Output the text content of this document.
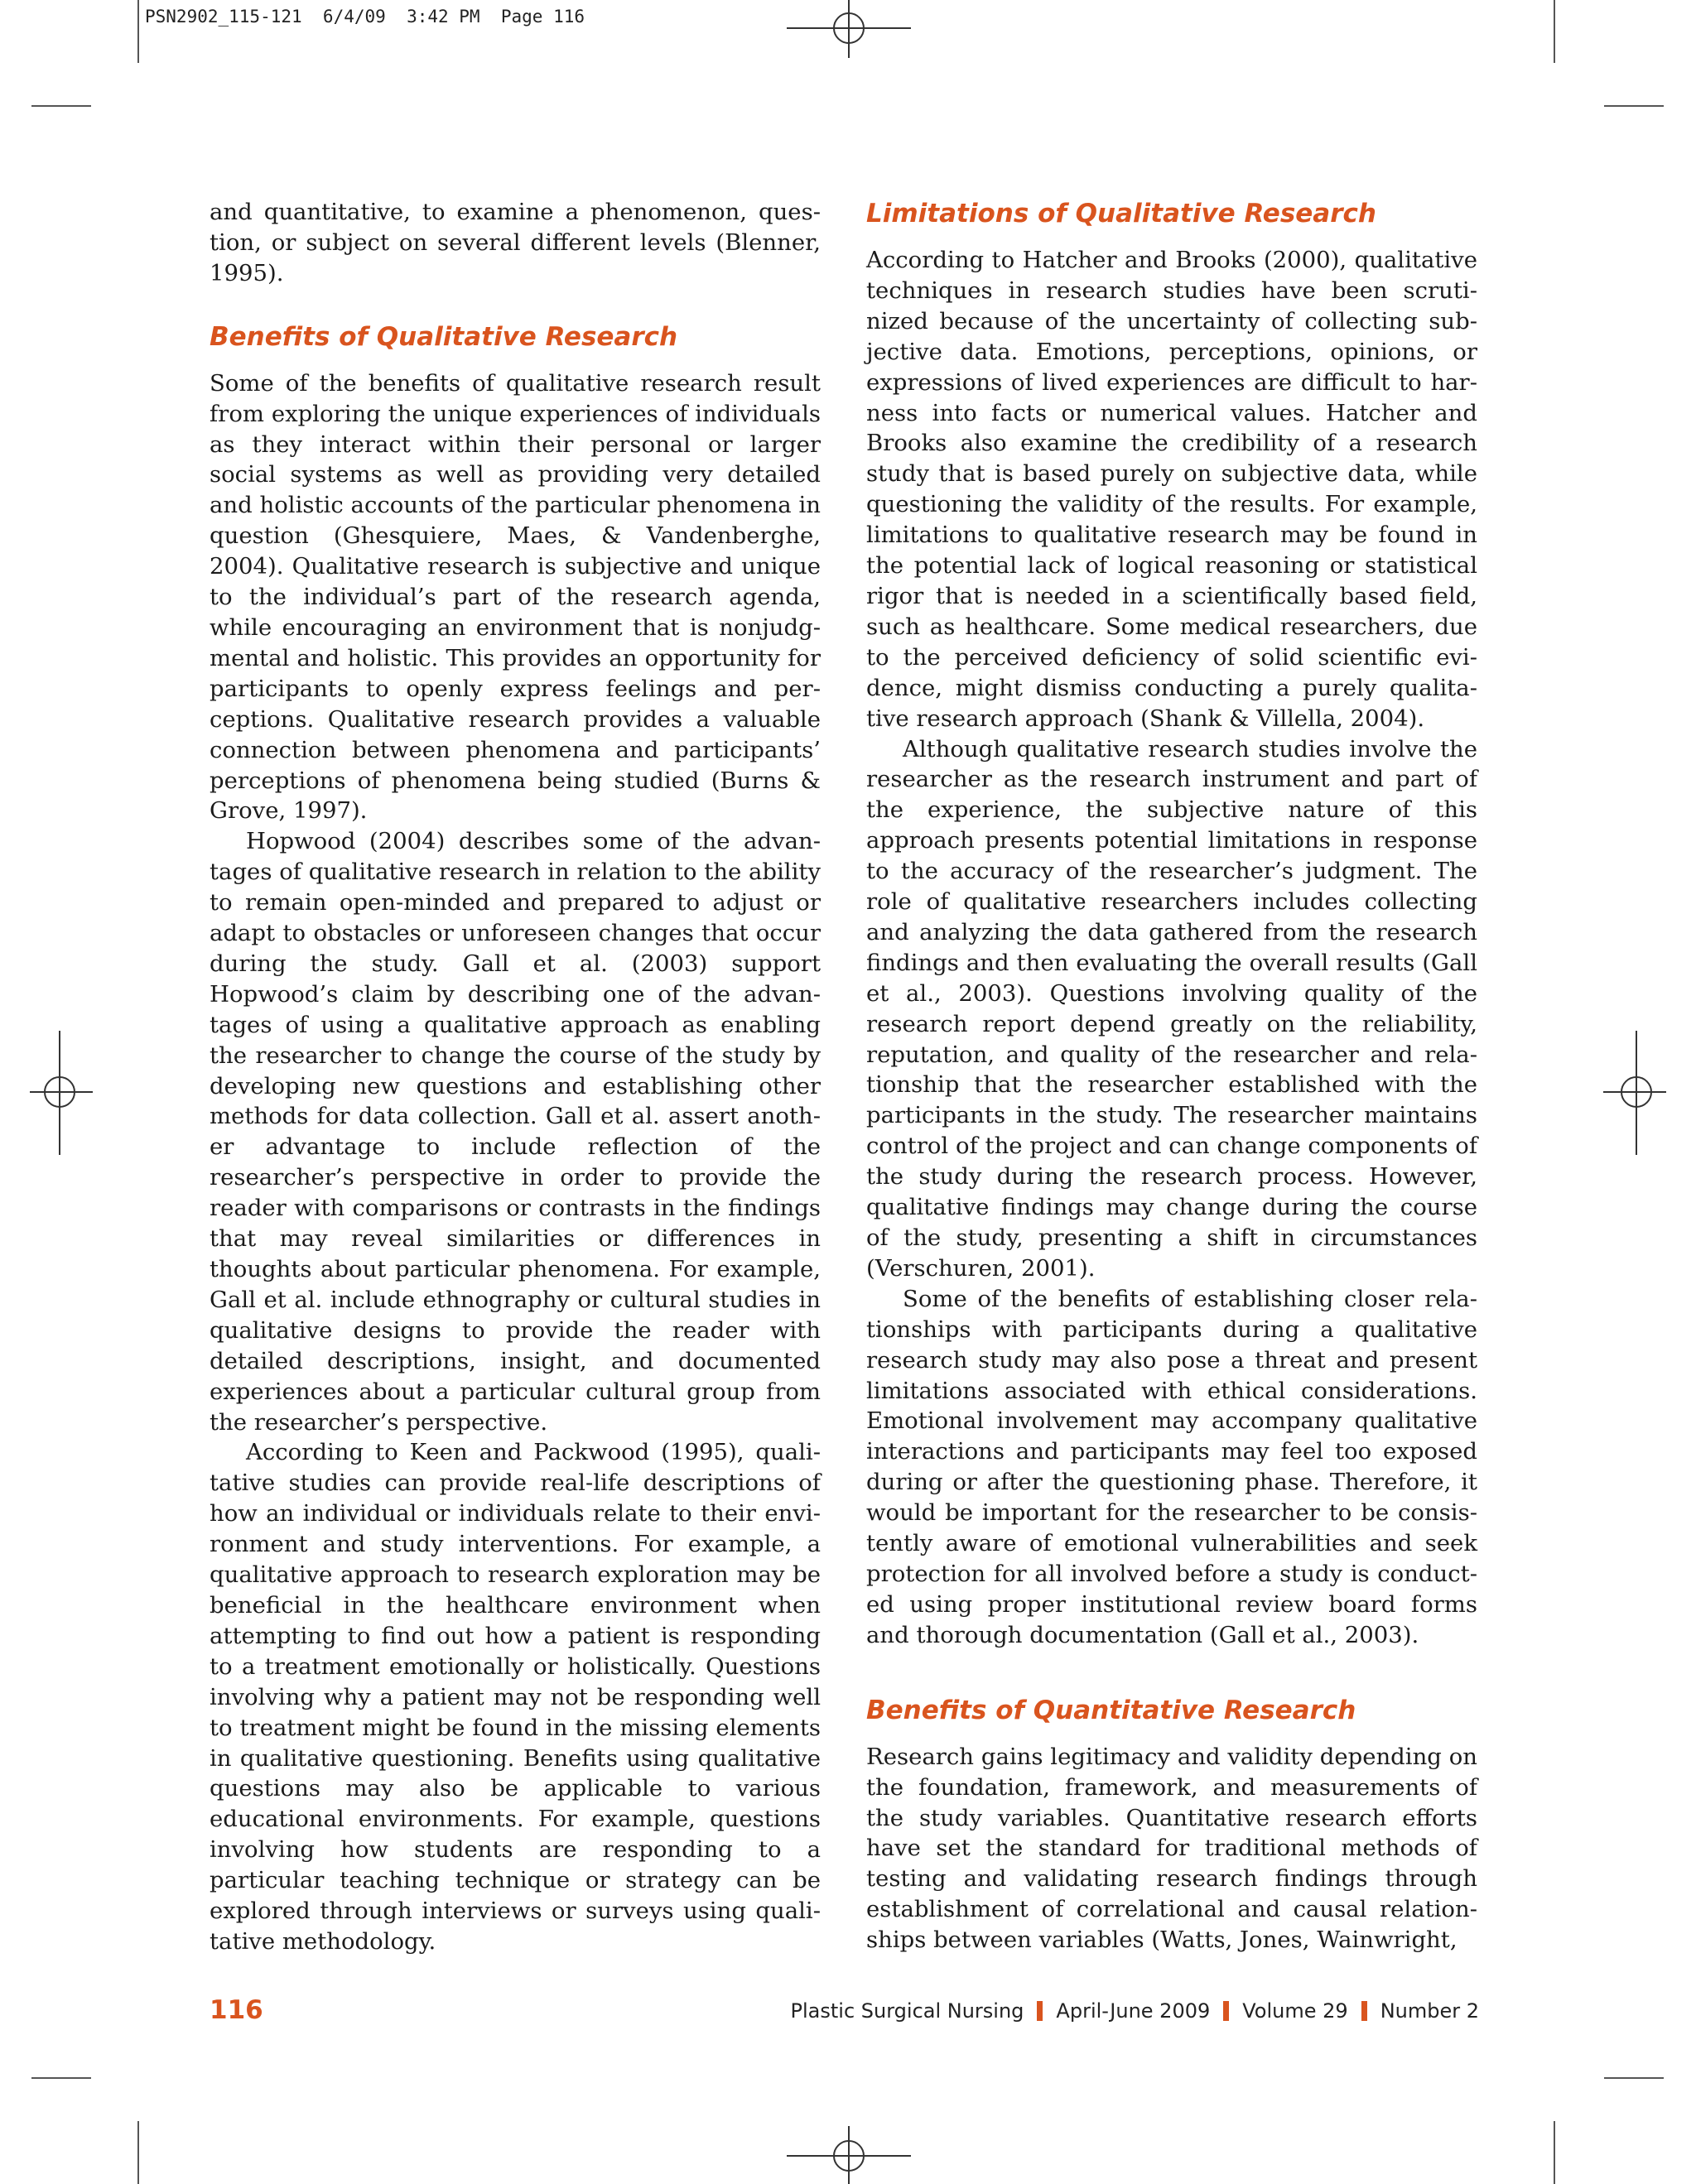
PSN2902_115-121  6/4/09  3:42 PM  Page 116

and quantitative, to examine a phenomenon, question, or subject on several different levels (Blenner, 1995).

Benefits of Qualitative Research

Some of the benefits of qualitative research result from exploring the unique experiences of individuals as they interact within their personal or larger social systems as well as providing very detailed and holistic accounts of the particular phenomena in question (Ghesquiere, Maes, & Vandenberghe, 2004). Qualitative research is subjective and unique to the individual’s part of the research agenda, while encouraging an environment that is nonjudgmental and holistic. This provides an opportunity for participants to openly express feelings and perceptions. Qualitative research provides a valuable connection between phenomena and participants’ perceptions of phenomena being studied (Burns & Grove, 1997).

Hopwood (2004) describes some of the advantages of qualitative research in relation to the ability to remain open-minded and prepared to adjust or adapt to obstacles or unforeseen changes that occur during the study. Gall et al. (2003) support Hopwood’s claim by describing one of the advantages of using a qualitative approach as enabling the researcher to change the course of the study by developing new questions and establishing other methods for data collection. Gall et al. assert another advantage to include reflection of the researcher’s perspective in order to provide the reader with comparisons or contrasts in the findings that may reveal similarities or differences in thoughts about particular phenomena. For example, Gall et al. include ethnography or cultural studies in qualitative designs to provide the reader with detailed descriptions, insight, and documented experiences about a particular cultural group from the researcher’s perspective.

According to Keen and Packwood (1995), qualitative studies can provide real-life descriptions of how an individual or individuals relate to their environment and study interventions. For example, a qualitative approach to research exploration may be beneficial in the healthcare environment when attempting to find out how a patient is responding to a treatment emotionally or holistically. Questions involving why a patient may not be responding well to treatment might be found in the missing elements in qualitative questioning. Benefits using qualitative questions may also be applicable to various educational environments. For example, questions involving how students are responding to a particular teaching technique or strategy can be explored through interviews or surveys using qualitative methodology.

Limitations of Qualitative Research

According to Hatcher and Brooks (2000), qualitative techniques in research studies have been scrutinized because of the uncertainty of collecting subjective data. Emotions, perceptions, opinions, or expressions of lived experiences are difficult to harness into facts or numerical values. Hatcher and Brooks also examine the credibility of a research study that is based purely on subjective data, while questioning the validity of the results. For example, limitations to qualitative research may be found in the potential lack of logical reasoning or statistical rigor that is needed in a scientifically based field, such as healthcare. Some medical researchers, due to the perceived deficiency of solid scientific evidence, might dismiss conducting a purely qualitative research approach (Shank & Villella, 2004).

Although qualitative research studies involve the researcher as the research instrument and part of the experience, the subjective nature of this approach presents potential limitations in response to the accuracy of the researcher’s judgment. The role of qualitative researchers includes collecting and analyzing the data gathered from the research findings and then evaluating the overall results (Gall et al., 2003). Questions involving quality of the research report depend greatly on the reliability, reputation, and quality of the researcher and relationship that the researcher established with the participants in the study. The researcher maintains control of the project and can change components of the study during the research process. However, qualitative findings may change during the course of the study, presenting a shift in circumstances (Verschuren, 2001).

Some of the benefits of establishing closer relationships with participants during a qualitative research study may also pose a threat and present limitations associated with ethical considerations. Emotional involvement may accompany qualitative interactions and participants may feel too exposed during or after the questioning phase. Therefore, it would be important for the researcher to be consistently aware of emotional vulnerabilities and seek protection for all involved before a study is conducted using proper institutional review board forms and thorough documentation (Gall et al., 2003).

Benefits of Quantitative Research

Research gains legitimacy and validity depending on the foundation, framework, and measurements of the study variables. Quantitative research efforts have set the standard for traditional methods of testing and validating research findings through establishment of correlational and causal relationships between variables (Watts, Jones, Wainwright,

116	Plastic Surgical Nursing April-June 2009 Volume 29 Number 2
